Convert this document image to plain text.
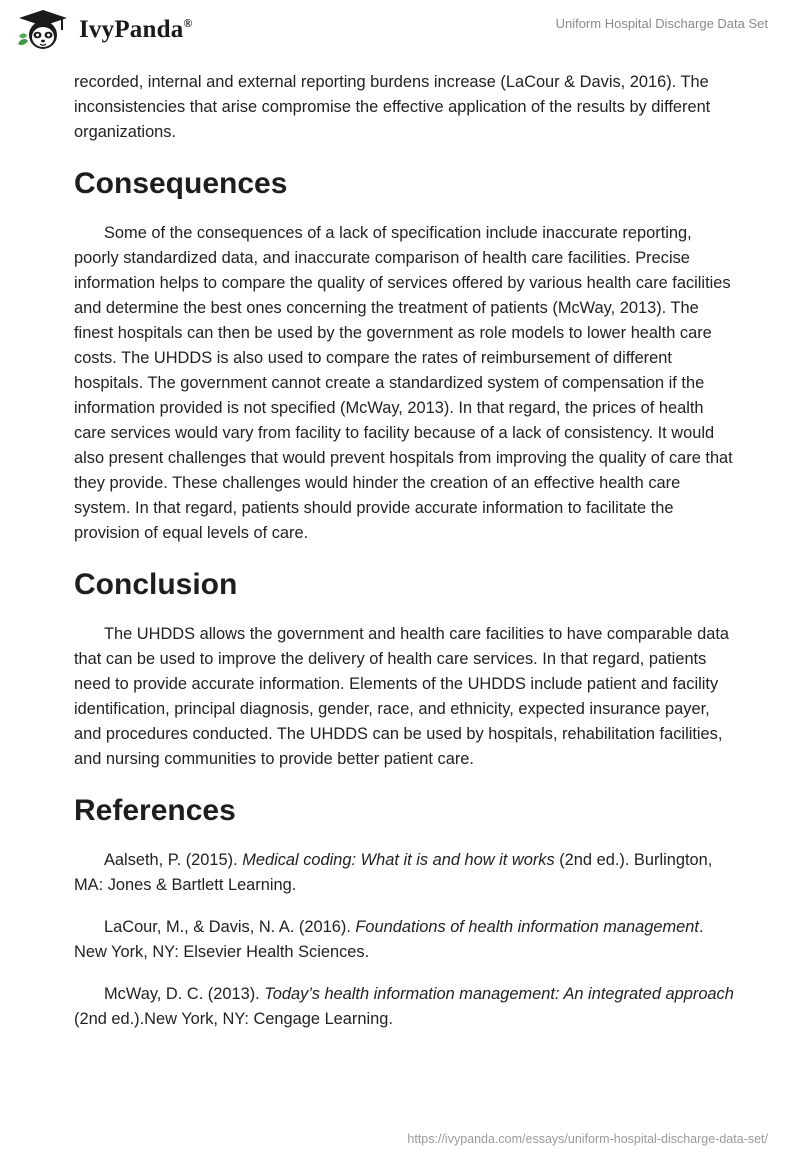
IvyPanda®	Uniform Hospital Discharge Data Set

recorded, internal and external reporting burdens increase (LaCour & Davis, 2016). The inconsistencies that arise compromise the effective application of the results by different organizations.

Consequences

Some of the consequences of a lack of specification include inaccurate reporting, poorly standardized data, and inaccurate comparison of health care facilities. Precise information helps to compare the quality of services offered by various health care facilities and determine the best ones concerning the treatment of patients (McWay, 2013). The finest hospitals can then be used by the government as role models to lower health care costs. The UHDDS is also used to compare the rates of reimbursement of different hospitals. The government cannot create a standardized system of compensation if the information provided is not specified (McWay, 2013). In that regard, the prices of health care services would vary from facility to facility because of a lack of consistency. It would also present challenges that would prevent hospitals from improving the quality of care that they provide. These challenges would hinder the creation of an effective health care system. In that regard, patients should provide accurate information to facilitate the provision of equal levels of care.

Conclusion

The UHDDS allows the government and health care facilities to have comparable data that can be used to improve the delivery of health care services. In that regard, patients need to provide accurate information. Elements of the UHDDS include patient and facility identification, principal diagnosis, gender, race, and ethnicity, expected insurance payer, and procedures conducted. The UHDDS can be used by hospitals, rehabilitation facilities, and nursing communities to provide better patient care.

References

Aalseth, P. (2015). Medical coding: What it is and how it works (2nd ed.). Burlington, MA: Jones & Bartlett Learning.

LaCour, M., & Davis, N. A. (2016). Foundations of health information management. New York, NY: Elsevier Health Sciences.

McWay, D. C. (2013). Today’s health information management: An integrated approach (2nd ed.).New York, NY: Cengage Learning.

https://ivypanda.com/essays/uniform-hospital-discharge-data-set/
